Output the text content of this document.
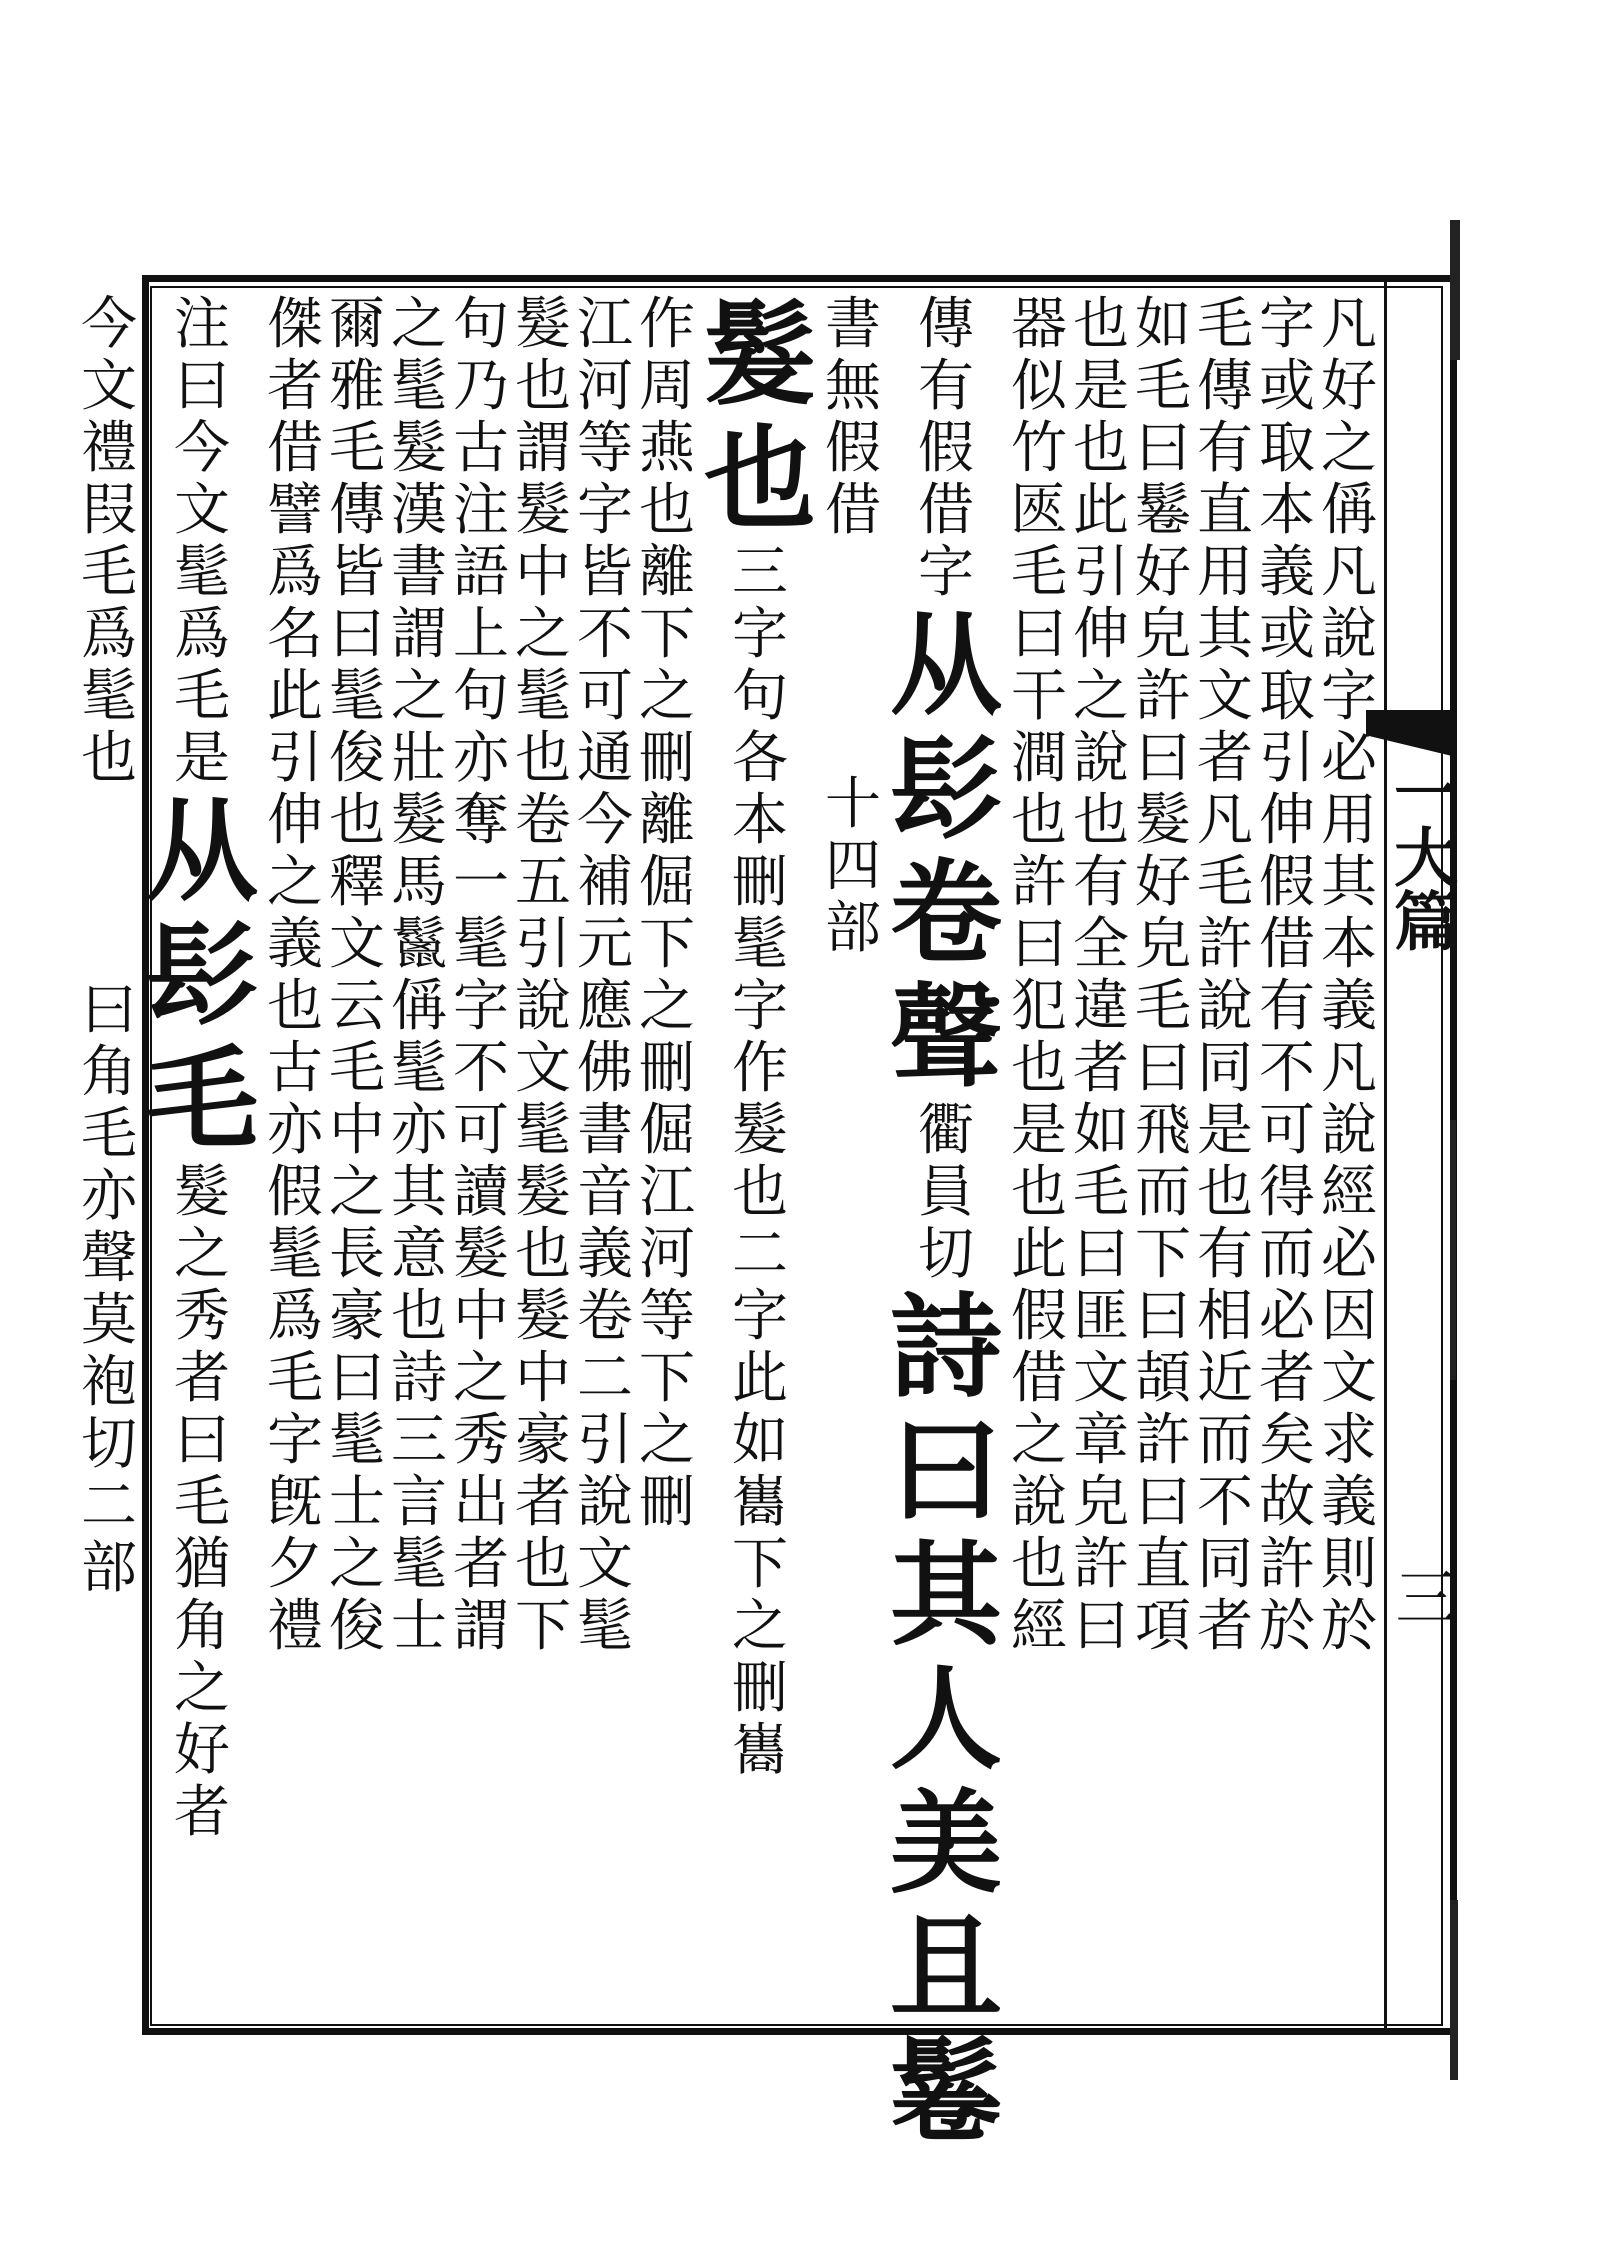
一大篇
三
凡
好
之
偁
凡
說
字
必
用
其
本
義
凡
說
經
必
因
文
求
義
則
於
字
或
取
本
義
或
取
引
伸
假
借
有
不
可
得
而
必
者
矣
故
許
於
毛
傳
有
直
用
其
文
者
凡
毛
許
說
同
是
也
有
相
近
而
不
同
者
如
毛
曰
鬈
好
皃
許
曰
髮
好
皃
毛
曰
飛
而
下
曰
頡
許
曰
直
項
也
是
也
此
引
伸
之
說
也
有
全
違
者
如
毛
曰
匪
文
章
皃
許
曰
器
似
竹
匧
毛
曰
干
澗
也
許
曰
犯
也
是
也
此
假
借
之
說
也
經
傳
有
假
借
字
从
髟
卷
聲
衢
員
切
詩
曰
其
人
美
且
鬈
書
無
假
借
十
四
部
髮
也
三
字
句
各
本
刪
髦
字
作
髮
也
二
字
此
如
巂
下
之
刪
巂
作
周
燕
也
離
下
之
刪
離
倔
下
之
刪
倔
江
河
等
下
之
刪
江
河
等
字
皆
不
可
通
今
補
元
應
佛
書
音
義
卷
二
引
說
文
髦
髮
也
謂
髮
中
之
髦
也
卷
五
引
說
文
髦
髮
也
髮
中
豪
者
也
下
句
乃
古
注
語
上
句
亦
奪
一
髦
字
不
可
讀
髮
中
之
秀
出
者
謂
之
髦
髮
漢
書
謂
之
壯
髮
馬
鬣
偁
髦
亦
其
意
也
詩
三
言
髦
士
爾
雅
毛
傳
皆
曰
髦
俊
也
釋
文
云
毛
中
之
長
豪
曰
髦
士
之
俊
傑
者
借
譬
爲
名
此
引
伸
之
義
也
古
亦
假
髦
爲
毛
字
旣
夕
禮
注
曰
今
文
髦
爲
毛
是
从
髟
毛
髮
之
秀
者
曰
毛
猶
角
之
好
者
今
文
禮
叚
毛
爲
髦
也
曰
角
毛
亦
聲
莫
袍
切
二
部
